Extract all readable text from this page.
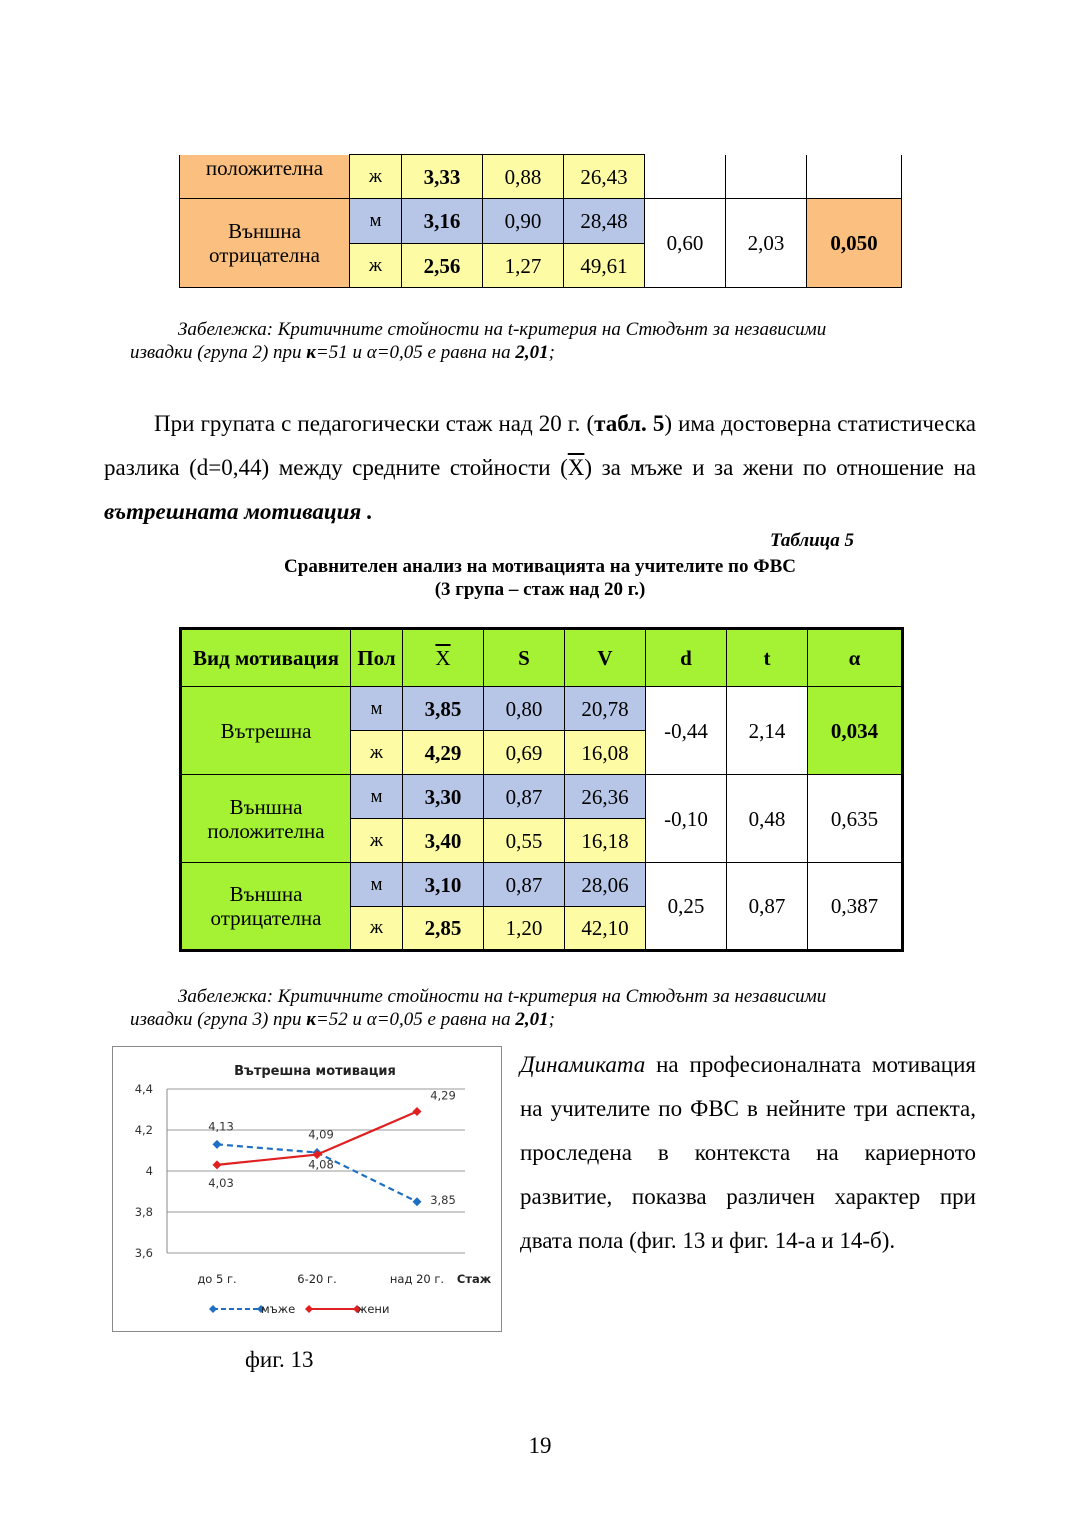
положителна	ж	3,33	0,88	26,43			

Външна
отрицателна	м	3,16	0,90	28,48	0,60	2,03	0,050
	ж	2,56	1,27	49,61			
Забележка: Критичните стойности на t-критерия на Стюдънт за независими
извадки (група 2) при к=51 и α=0,05 е равна на 2,01;
При групата с педагогически стаж над 20 г. (табл. 5) има достоверна статистическа разлика (d=0,44) между средните стойности $(\overline{X})$ за мъже и за жени по отношение на вътрешната мотивация .
Таблица 5
Сравнителен анализ на мотивацията на учителите по ФВС
(3 група – стаж над 20 г.)
Вид мотивация	Пол	$\overline{X}$	S	V	d	t	α

Вътрешна	м	3,85	0,80	20,78	-0,44	2,14	0,034
	ж	4,29	0,69	16,08			

Външна
положителна	м	3,30	0,87	26,36	-0,10	0,48	0,635
	ж	3,40	0,55	16,18			

Външна
отрицателна	м	3,10	0,87	28,06	0,25	0,87	0,387
	ж	2,85	1,20	42,10			
Забележка: Критичните стойности на t-критерия на Стюдънт за независими
извадки (група 3) при к=52 и α=0,05 е равна на 2,01;
Вътрешна мотивация
3,6
3,8
4
4,2
4,4
до 5 г.	6-20 г.	над 20 г. Стаж
4,13
4,09
3,85
4,03
4,08
4,29
мъже	жени
фиг. 13
Динамиката на професионалната мотивация на учителите по ФВС в нейните три аспекта, проследена в контекста на кариерното развитие, показва различен характер при двата пола (фиг. 13 и фиг. 14-а и 14-б).
19
